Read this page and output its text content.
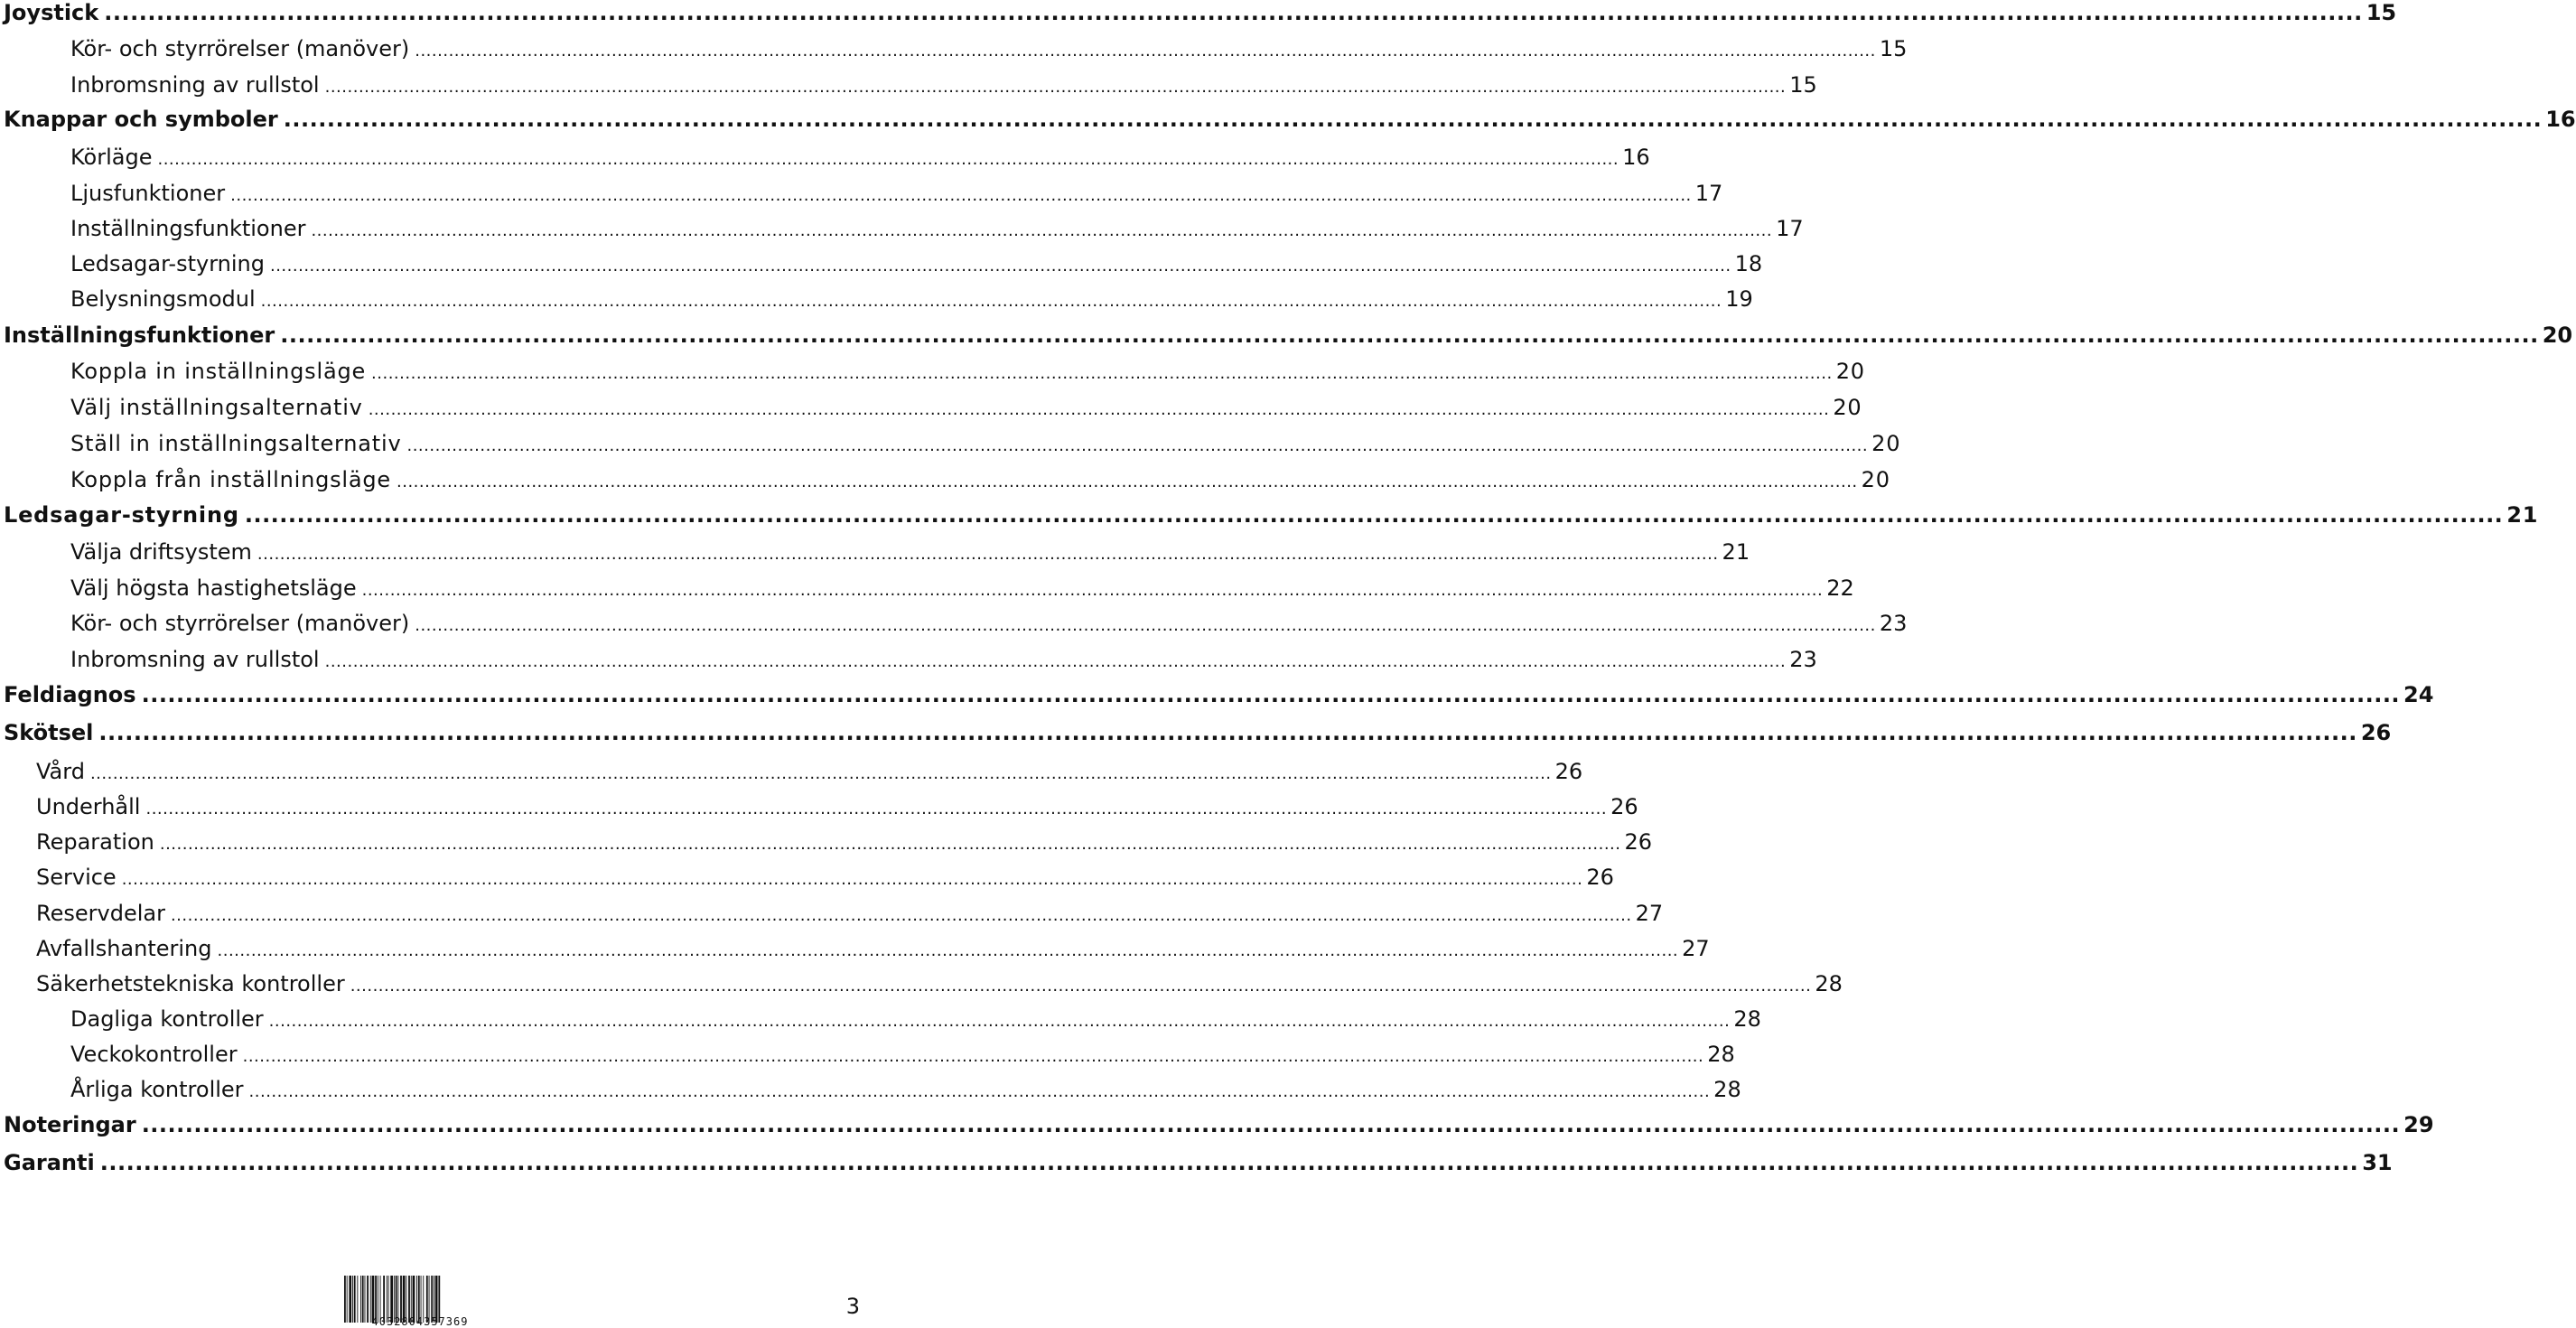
Joystick .................................................................................................................................................................................................................................................................... 15
Kör- och styrrörelser (manöver) .................................................................................................................................................................................................................................................................... 15
Inbromsning av rullstol .................................................................................................................................................................................................................................................................... 15
Knappar och symboler .................................................................................................................................................................................................................................................................... 16
Körläge .................................................................................................................................................................................................................................................................... 16
Ljusfunktioner .................................................................................................................................................................................................................................................................... 17
Inställningsfunktioner .................................................................................................................................................................................................................................................................... 17
Ledsagar-styrning .................................................................................................................................................................................................................................................................... 18
Belysningsmodul .................................................................................................................................................................................................................................................................... 19
Inställningsfunktioner .................................................................................................................................................................................................................................................................... 20
Koppla in inställningsläge .................................................................................................................................................................................................................................................................... 20
Välj inställningsalternativ .................................................................................................................................................................................................................................................................... 20
Ställ in inställningsalternativ .................................................................................................................................................................................................................................................................... 20
Koppla från inställningsläge .................................................................................................................................................................................................................................................................... 20
Ledsagar-styrning .................................................................................................................................................................................................................................................................... 21
Välja driftsystem .................................................................................................................................................................................................................................................................... 21
Välj högsta hastighetsläge .................................................................................................................................................................................................................................................................... 22
Kör- och styrrörelser (manöver) .................................................................................................................................................................................................................................................................... 23
Inbromsning av rullstol .................................................................................................................................................................................................................................................................... 23
Feldiagnos .................................................................................................................................................................................................................................................................... 24
Skötsel .................................................................................................................................................................................................................................................................... 26
Vård .................................................................................................................................................................................................................................................................... 26
Underhåll .................................................................................................................................................................................................................................................................... 26
Reparation .................................................................................................................................................................................................................................................................... 26
Service .................................................................................................................................................................................................................................................................... 26
Reservdelar .................................................................................................................................................................................................................................................................... 27
Avfallshantering .................................................................................................................................................................................................................................................................... 27
Säkerhetstekniska kontroller .................................................................................................................................................................................................................................................................... 28
Dagliga kontroller .................................................................................................................................................................................................................................................................... 28
Veckokontroller .................................................................................................................................................................................................................................................................... 28
Årliga kontroller .................................................................................................................................................................................................................................................................... 28
Noteringar .................................................................................................................................................................................................................................................................... 29
Garanti .................................................................................................................................................................................................................................................................... 31
4032804357369
3
